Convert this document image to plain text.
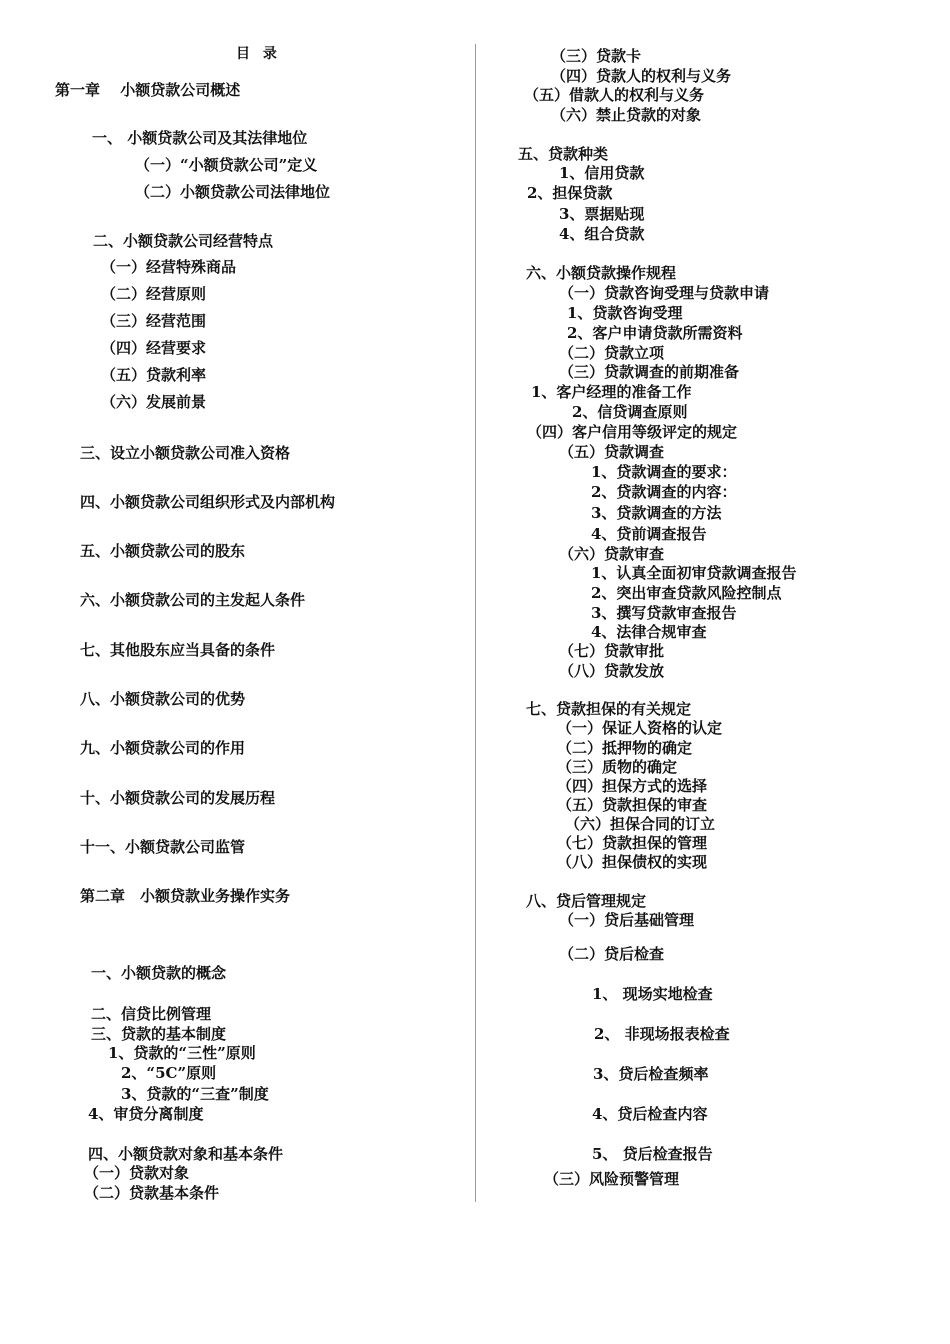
目 录
第一章　 小额贷款公司概述
一、 小额贷款公司及其法律地位
（一）“小额贷款公司”定义
（二）小额贷款公司法律地位
二、小额贷款公司经营特点
（一）经营特殊商品
（二）经营原则
（三）经营范围
（四）经营要求
（五）贷款利率
（六）发展前景
三、设立小额贷款公司准入资格
四、小额贷款公司组织形式及内部机构
五、小额贷款公司的股东
六、小额贷款公司的主发起人条件
七、其他股东应当具备的条件
八、小额贷款公司的优势
九、小额贷款公司的作用
十、小额贷款公司的发展历程
十一、小额贷款公司监管
第二章　小额贷款业务操作实务
一、小额贷款的概念
二、信贷比例管理
三、贷款的基本制度
1、贷款的“三性”原则
2、“5C”原则
3、贷款的“三查”制度
4、审贷分离制度
四、小额贷款对象和基本条件
（一）贷款对象
（二）贷款基本条件
（三）贷款卡
（四）贷款人的权利与义务
（五）借款人的权利与义务
（六）禁止贷款的对象
五、贷款种类
1、信用贷款
2、担保贷款
3、票据贴现
4、组合贷款
六、小额贷款操作规程
（一）贷款咨询受理与贷款申请
1、贷款咨询受理
2、客户申请贷款所需资料
（二）贷款立项
（三）贷款调查的前期准备
1、客户经理的准备工作
2、信贷调查原则
（四）客户信用等级评定的规定
（五）贷款调查
1、贷款调查的要求：
2、贷款调查的内容：
3、贷款调查的方法
4、贷前调查报告
（六）贷款审查
1、认真全面初审贷款调查报告
2、突出审查贷款风险控制点
3、撰写贷款审查报告
4、法律合规审查
（七）贷款审批
（八）贷款发放
七、贷款担保的有关规定
（一）保证人资格的认定
（二）抵押物的确定
（三）质物的确定
（四）担保方式的选择
（五）贷款担保的审查
（六）担保合同的订立
（七）贷款担保的管理
（八）担保债权的实现
八、贷后管理规定
（一）贷后基础管理
（二）贷后检查
1、 现场实地检查
2、 非现场报表检查
3、贷后检查频率
4、贷后检查内容
5、 贷后检查报告
（三）风险预警管理
